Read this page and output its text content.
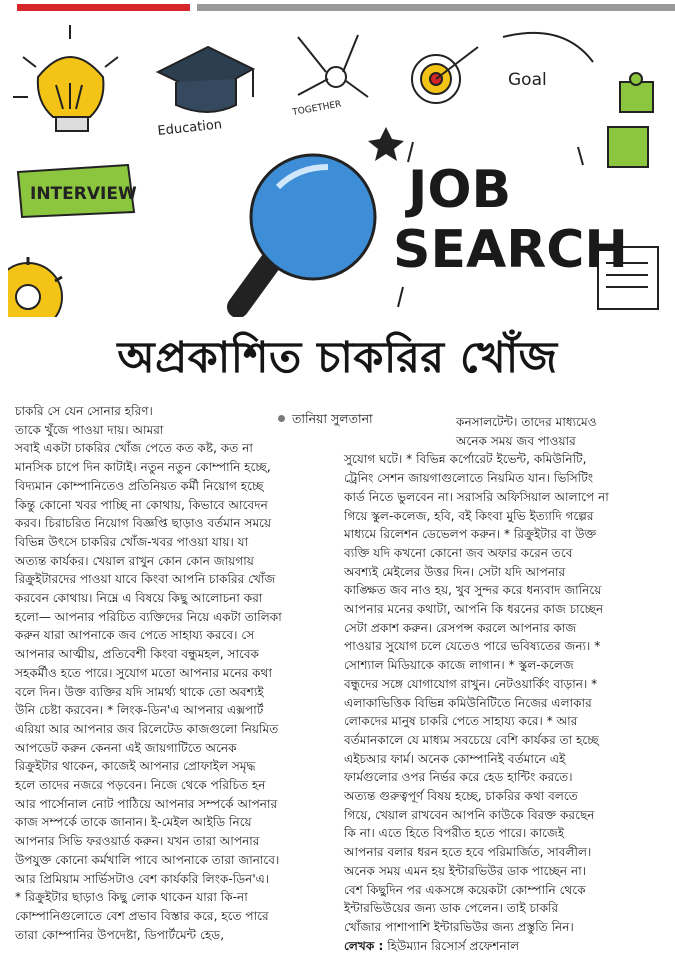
INTERVIEW
Education
TOGETHER
Goal
JOB
SEARCH
অপ্রকাশিত চাকরির খোঁজ
চাকরি সে যেন সোনার হরিণ।
তাকে খুঁজে পাওয়া দায়। আমরা
সবাই একটা চাকরির খোঁজ পেতে কত কষ্ট, কত না
মানসিক চাপে দিন কাটাই। নতুন নতুন কোম্পানি হচ্ছে,
বিদ্যমান কোম্পানিতেও প্রতিনিয়ত কর্মী নিয়োগ হচ্ছে
কিন্তু কোনো খবর পাচ্ছি না কোথায়, কিভাবে আবেদন
করব। চিরাচরিত নিয়োগ বিজ্ঞপ্তি ছাড়াও বর্তমান সময়ে
বিভিন্ন উৎসে চাকরির খোঁজ-খবর পাওয়া যায়। যা
অত্যন্ত কার্যকর। খেয়াল রাখুন কোন কোন জায়গায়
রিক্রুইটারদের পাওয়া যাবে কিংবা আপনি চাকরির খোঁজ
করবেন কোথায়। নিম্নে এ বিষয়ে কিছু আলোচনা করা
হলো— আপনার পরিচিত ব্যক্তিদের নিয়ে একটা তালিকা
করুন যারা আপনাকে জব পেতে সাহায্য করবে। সে
আপনার আত্মীয়, প্রতিবেশী কিংবা বন্ধুমহল, সাবেক
সহকর্মীও হতে পারে। সুযোগ মতো আপনার মনের কথা
বলে দিন। উক্ত ব্যক্তির যদি সামর্থ্য থাকে তো অবশ্যই
উনি চেষ্টা করবেন। * লিংক-ডিন'এ আপনার এক্সপার্ট
এরিয়া আর আপনার জব রিলেটেড কাজগুলো নিয়মিত
আপডেট করুন কেননা এই জায়গাটিতে অনেক
রিক্রুইটার থাকেন, কাজেই আপনার প্রোফাইল সমৃদ্ধ
হলে তাদের নজরে পড়বেন। নিজে থেকে পরিচিত হন
আর পার্সোনাল নোট পাঠিয়ে আপনার সম্পর্কে আপনার
কাজ সম্পর্কে তাকে জানান। ই-মেইল আইডি নিয়ে
আপনার সিভি ফরওয়ার্ড করুন। যখন তারা আপনার
উপযুক্ত কোনো কর্মখালি পাবে আপনাকে তারা জানাবে।
আর প্রিমিয়াম সার্ভিসটাও বেশ কার্যকরি লিংক-ডিন'এ।
* রিক্রুইটার ছাড়াও কিছু লোক থাকেন যারা কি-না
কোম্পানিগুলোতে বেশ প্রভাব বিস্তার করে, হতে পারে
তারা কোম্পানির উপদেষ্টা, ডিপার্টমেন্ট হেড,
তানিয়া সুলতানা	কনসালটেন্ট। তাদের মাধ্যমেও
অনেক সময় জব পাওয়ার
সুযোগ ঘটে। * বিভিন্ন কর্পোরেট ইভেন্ট, কমিউনিটি,
ট্রেনিং সেশন জায়গাগুলোতে নিয়মিত যান। ভিসিটিং
কার্ড নিতে ভুলবেন না। সরাসরি অফিসিয়াল আলাপে না
গিয়ে স্কুল-কলেজ, হবি, বই কিংবা মুভি ইত্যাদি গল্পের
মাধ্যমে রিলেশন ডেভেলপ করুন। * রিক্রুইটার বা উক্ত
ব্যক্তি যদি কখনো কোনো জব অফার করেন তবে
অবশ্যই মেইলের উত্তর দিন। সেটা যদি আপনার
কাঙ্ক্ষিত জব নাও হয়, খুব সুন্দর করে ধন্যবাদ জানিয়ে
আপনার মনের কথাটা, আপনি কি ধরনের কাজ চাচ্ছেন
সেটা প্রকাশ করুন। রেসপন্স করলে আপনার কাজ
পাওয়ার সুযোগ চলে যেতেও পারে ভবিষ্যতের জন্য। *
সোশ্যাল মিডিয়াকে কাজে লাগান। * স্কুল-কলেজ
বন্ধুদের সঙ্গে যোগাযোগ রাখুন। নেটওয়ার্কিং বাড়ান। *
এলাকাভিত্তিক বিভিন্ন কমিউনিটিতে নিজের এলাকার
লোকদের মানুষ চাকরি পেতে সাহায্য করে। * আর
বর্তমানকালে যে মাধ্যম সবচেয়ে বেশি কার্যকর তা হচ্ছে
এইচআর ফার্ম। অনেক কোম্পানিই বর্তমানে এই
ফার্মগুলোর ওপর নির্ভর করে হেড হান্টিং করতে।
অত্যন্ত গুরুত্বপূর্ণ বিষয় হচ্ছে, চাকরির কথা বলতে
গিয়ে, খেয়াল রাখবেন আপনি কাউকে বিরক্ত করছেন
কি না। এতে হিতে বিপরীত হতে পারে। কাজেই
আপনার বলার ধরন হতে হবে পরিমার্জিত, সাবলীল।
অনেক সময় এমন হয় ইন্টারভিউর ডাক পাচ্ছেন না।
বেশ কিছুদিন পর একসঙ্গে কয়েকটা কোম্পানি থেকে
ইন্টারভিউয়ের জন্য ডাক পেলেন। তাই চাকরি
খোঁজার পাশাপাশি ইন্টারভিউর জন্য প্রস্তুতি নিন।
লেখক : হিউম্যান রিসোর্স প্রফেশনাল
